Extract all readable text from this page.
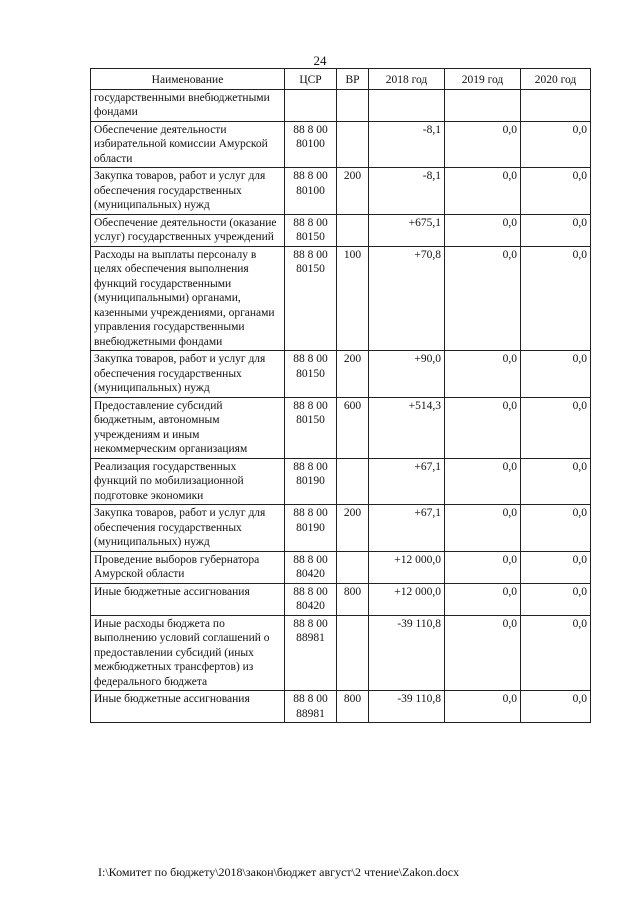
24
Наименование	ЦСР	ВР	2018 год	2019 год	2020 год
государственными внебюджетными фондами					
Обеспечение деятельности избирательной комиссии Амурской области	88 8 00 80100		-8,1	0,0	0,0
Закупка товаров, работ и услуг для обеспечения государственных (муниципальных) нужд	88 8 00 80100	200	-8,1	0,0	0,0
Обеспечение деятельности (оказание услуг) государственных учреждений	88 8 00 80150		+675,1	0,0	0,0
Расходы на выплаты персоналу в целях обеспечения выполнения функций государственными (муниципальными) органами, казенными учреждениями, органами управления государственными внебюджетными фондами	88 8 00 80150	100	+70,8	0,0	0,0
Закупка товаров, работ и услуг для обеспечения государственных (муниципальных) нужд	88 8 00 80150	200	+90,0	0,0	0,0
Предоставление субсидий бюджетным, автономным учреждениям и иным некоммерческим организациям	88 8 00 80150	600	+514,3	0,0	0,0
Реализация государственных функций по мобилизационной подготовке экономики	88 8 00 80190		+67,1	0,0	0,0
Закупка товаров, работ и услуг для обеспечения государственных (муниципальных) нужд	88 8 00 80190	200	+67,1	0,0	0,0
Проведение выборов губернатора Амурской области	88 8 00 80420		+12 000,0	0,0	0,0
Иные бюджетные ассигнования	88 8 00 80420	800	+12 000,0	0,0	0,0
Иные расходы бюджета по выполнению условий соглашений о предоставлении субсидий (иных межбюджетных трансфертов) из федерального бюджета	88 8 00 88981		-39 110,8	0,0	0,0
Иные бюджетные ассигнования	88 8 00 88981	800	-39 110,8	0,0	0,0
I:\Комитет по бюджету\2018\закон\бюджет август\2 чтение\Zakon.docx
